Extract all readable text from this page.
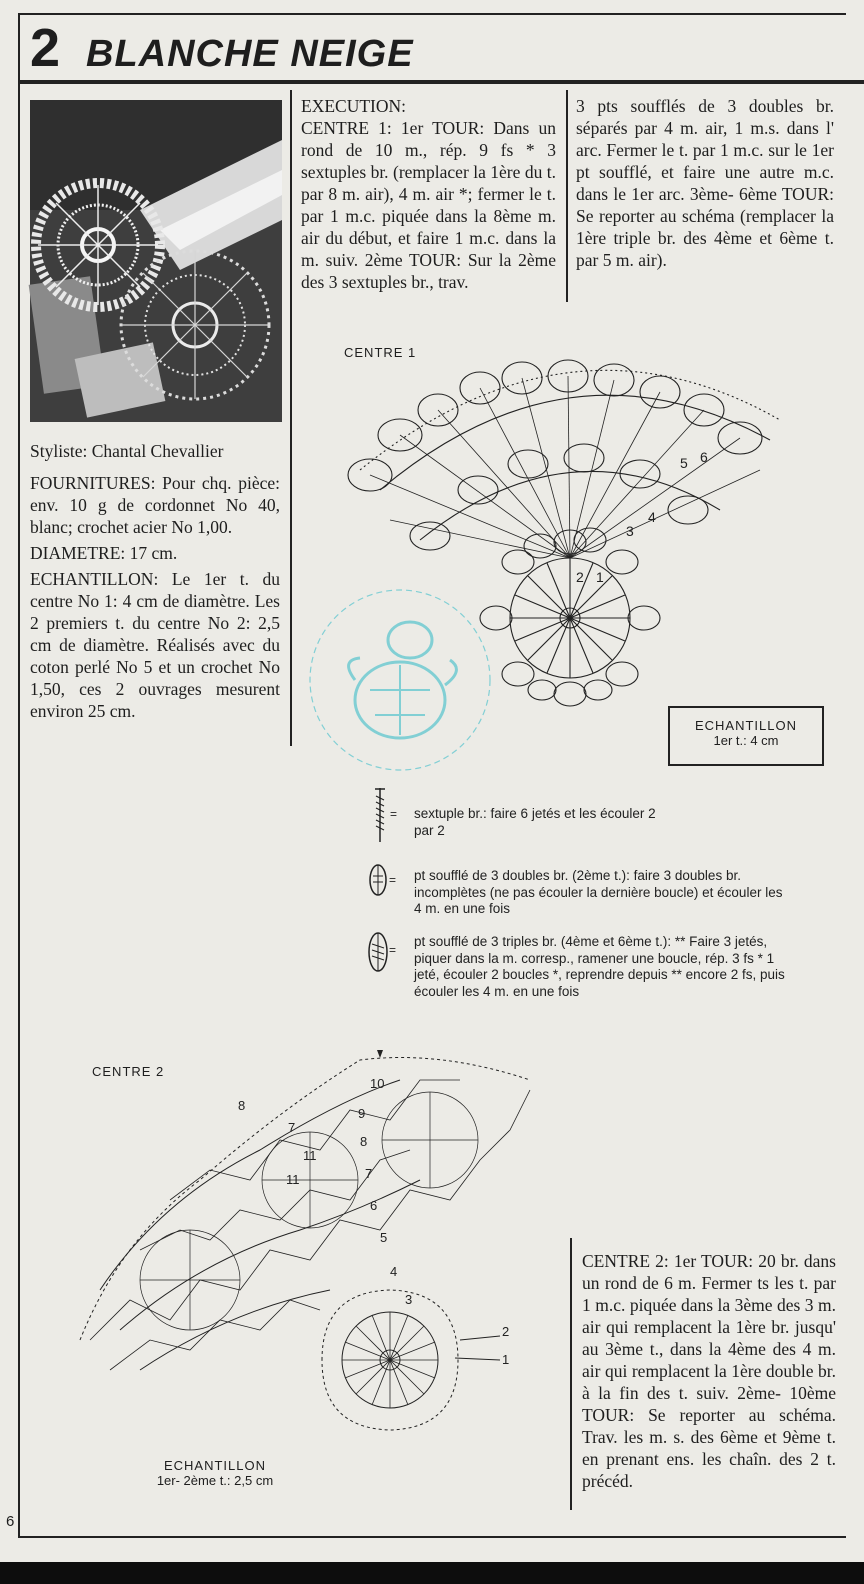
2 BLANCHE NEIGE

Styliste: Chantal Chevallier

FOURNITURES: Pour chq. pièce: env. 10 g de cordonnet No 40, blanc; crochet acier No 1,00.

DIAMETRE: 17 cm.

ECHANTILLON: Le 1er t. du centre No 1: 4 cm de diamètre. Les 2 premiers t. du centre No 2: 2,5 cm de diamètre. Réalisés avec du coton perlé No 5 et un crochet No 1,50, ces 2 ouvrages mesurent environ 25 cm.

EXECUTION:
CENTRE 1: 1er TOUR: Dans un rond de 10 m., rép. 9 fs * 3 sextuples br. (remplacer la 1ère du t. par 8 m. air), 4 m. air *; fermer le t. par 1 m.c. piquée dans la 8ème m. air du début, et faire 1 m.c. dans la m. suiv. 2ème TOUR: Sur la 2ème des 3 sextuples br., trav.
3 pts soufflés de 3 doubles br. séparés par 4 m. air, 1 m.s. dans l' arc. Fermer le t. par 1 m.c. sur le 1er pt soufflé, et faire une autre m.c. dans le 1er arc. 3ème- 6ème TOUR: Se reporter au schéma (remplacer la 1ère triple br. des 4ème et 6ème t. par 5 m. air).
CENTRE 1
1
2
3
4
5 6
ECHANTILLON
1er t.: 4 cm
= sextuple br.: faire 6 jetés et les écouler 2 par 2
= pt soufflé de 3 doubles br. (2ème t.): faire 3 doubles br. incomplètes (ne pas écouler la dernière boucle) et écouler les 4 m. en une fois
=
pt soufflé de 3 triples br. (4ème et 6ème t.): ** Faire 3 jetés, piquer dans la m. corresp., ramener une boucle, rép. 3 fs * 1 jeté, écouler 2 boucles *, reprendre depuis ** encore 2 fs, puis écouler les 4 m. en une fois
CENTRE 2
2
1
3
4
5
6
7
7
8
8
9
10
11
11
ECHANTILLON
1er- 2ème t.: 2,5 cm
CENTRE 2: 1er TOUR: 20 br. dans un rond de 6 m. Fermer ts les t. par 1 m.c. piquée dans la 3ème des 3 m. air qui remplacent la 1ère br. jusqu' au 3ème t., dans la 4ème des 4 m. air qui remplacent la 1ère double br. à la fin des t. suiv. 2ème- 10ème TOUR: Se reporter au schéma. Trav. les m. s. des 6ème et 9ème t. en prenant ens. les chaîn. des 2 t. précéd.
6
